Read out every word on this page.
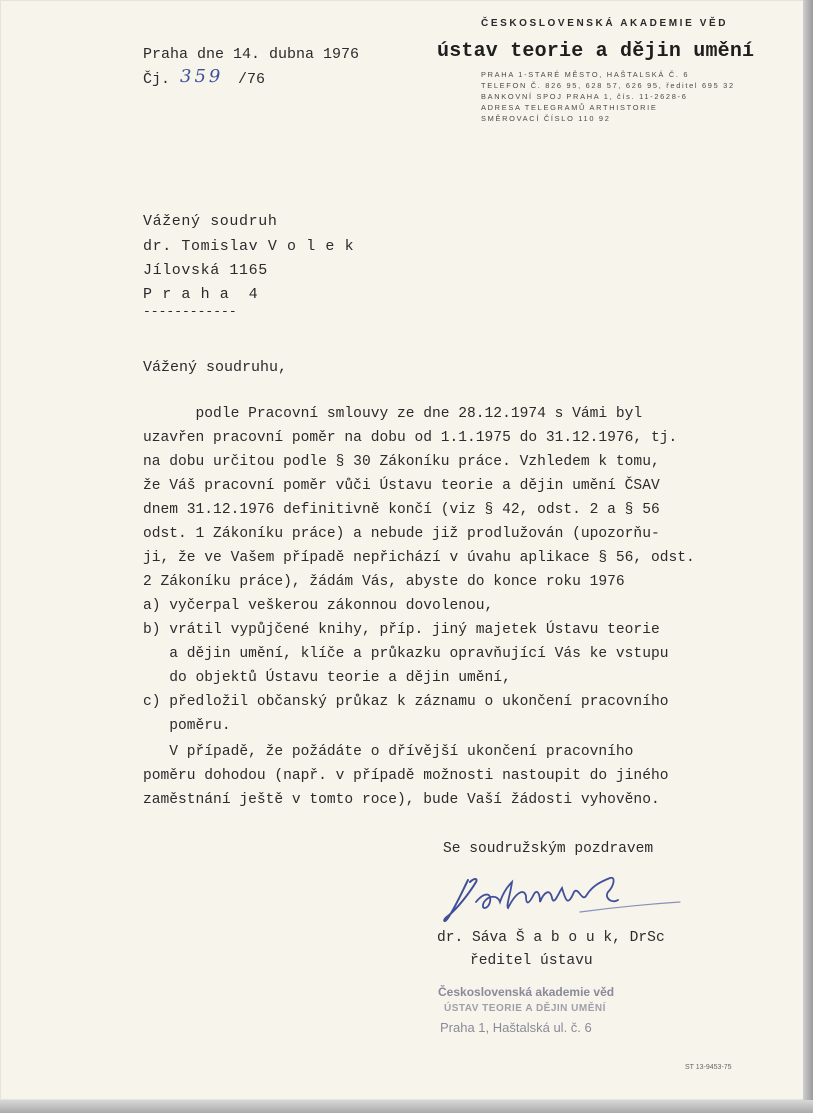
ČESKOSLOVENSKÁ AKADEMIE VĚD
ústav teorie a dějin umění
PRAHA 1-STARÉ MĚSTO, HAŠTALSKÁ Č. 6
TELEFON Č. 826 95, 628 57, 626 95, ředitel 695 32
BANKOVNÍ SPOJ PRAHA 1, čís. 11-2628-6
ADRESA TELEGRAMŮ ARTHISTORIE
SMĚROVACÍ ČÍSLO 110 92
Praha dne 14. dubna 1976
Čj. 359 /76
Vážený soudruh
dr. Tomislav V o l e k
Jílovská 1165
P r a h a  4
------------
Vážený soudruhu,
podle Pracovní smlouvy ze dne 28.12.1974 s Vámi byl
uzavřen pracovní poměr na dobu od 1.1.1975 do 31.12.1976, tj.
na dobu určitou podle § 30 Zákoníku práce. Vzhledem k tomu,
že Váš pracovní poměr vůči Ústavu teorie a dějin umění ČSAV
dnem 31.12.1976 definitivně končí (viz § 42, odst. 2 a § 56
odst. 1 Zákoníku práce) a nebude již prodlužován (upozorňu-
ji, že ve Vašem případě nepřichází v úvahu aplikace § 56, odst.
2 Zákoníku práce), žádám Vás, abyste do konce roku 1976
a) vyčerpal veškerou zákonnou dovolenou,
b) vrátil vypůjčené knihy, příp. jiný majetek Ústavu teorie
a dějin umění, klíče a průkazku opravňující Vás ke vstupu
do objektů Ústavu teorie a dějin umění,
c) předložil občanský průkaz k záznamu o ukončení pracovního
poměru.
V případě, že požádáte o dřívější ukončení pracovního
poměru dohodou (např. v případě možnosti nastoupit do jiného
zaměstnání ještě v tomto roce), bude Vaší žádosti vyhověno.
Se soudružským pozdravem
dr. Sáva Š a b o u k, DrSc
ředitel ústavu
Československá akademie věd
ÚSTAV TEORIE A DĚJIN UMĚNÍ
Praha 1, Haštalská ul. č. 6
ST 13-9453-75
